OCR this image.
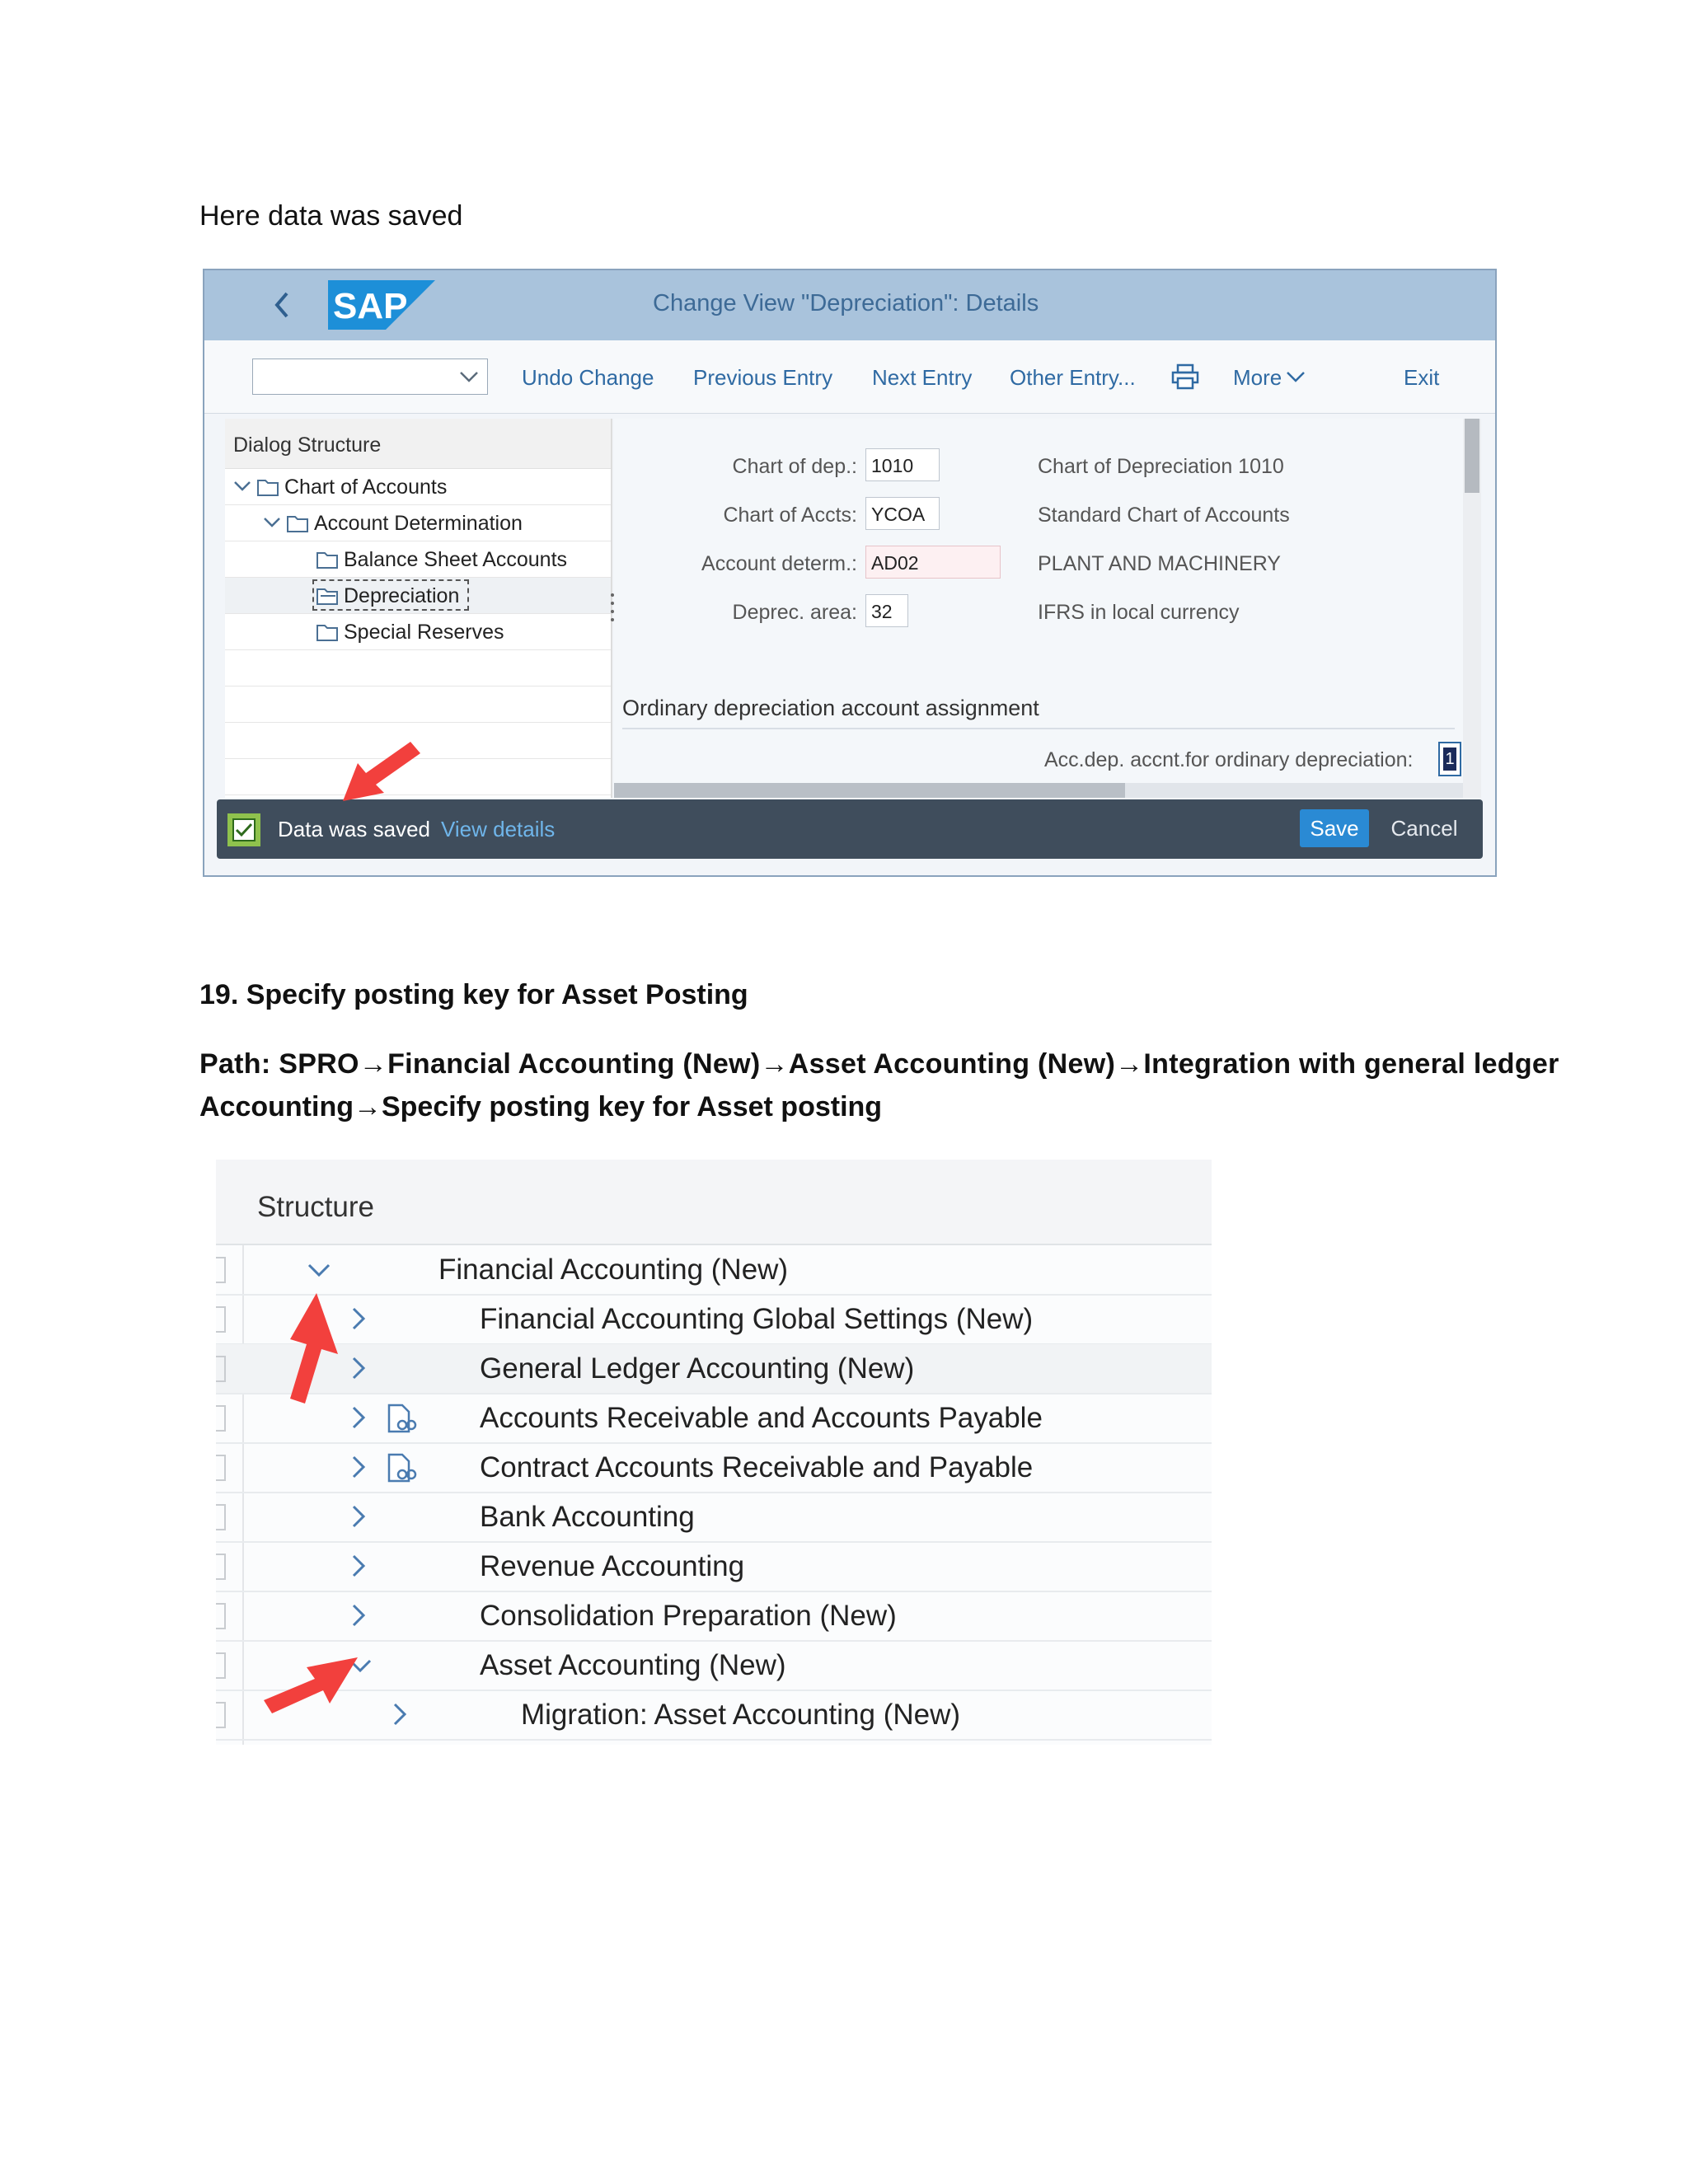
Here data was saved
SAP	Change View "Depreciation": Details
Undo Change Previous Entry Next Entry Other Entry...	More	Exit
Dialog Structure
Chart of Accounts
Account Determination
Balance Sheet Accounts
Depreciation
Special Reserves
Chart of dep.: 1010	Chart of Depreciation 1010
Chart of Accts: YCOA	Standard Chart of Accounts
Account determ.: AD02	PLANT AND MACHINERY
Deprec. area: 32	IFRS in local currency
Ordinary depreciation account assignment
Acc.dep. accnt.for ordinary depreciation: 1
Data was saved View details	Save	Cancel
19. Specify posting key for Asset Posting
Path: SPRO→Financial Accounting (New)→Asset Accounting (New)→Integration with general ledger
Accounting→Specify posting key for Asset posting
Structure
Financial Accounting (New)
Financial Accounting Global Settings (New)
General Ledger Accounting (New)
Accounts Receivable and Accounts Payable
Contract Accounts Receivable and Payable
Bank Accounting
Revenue Accounting
Consolidation Preparation (New)
Asset Accounting (New)
Migration: Asset Accounting (New)
